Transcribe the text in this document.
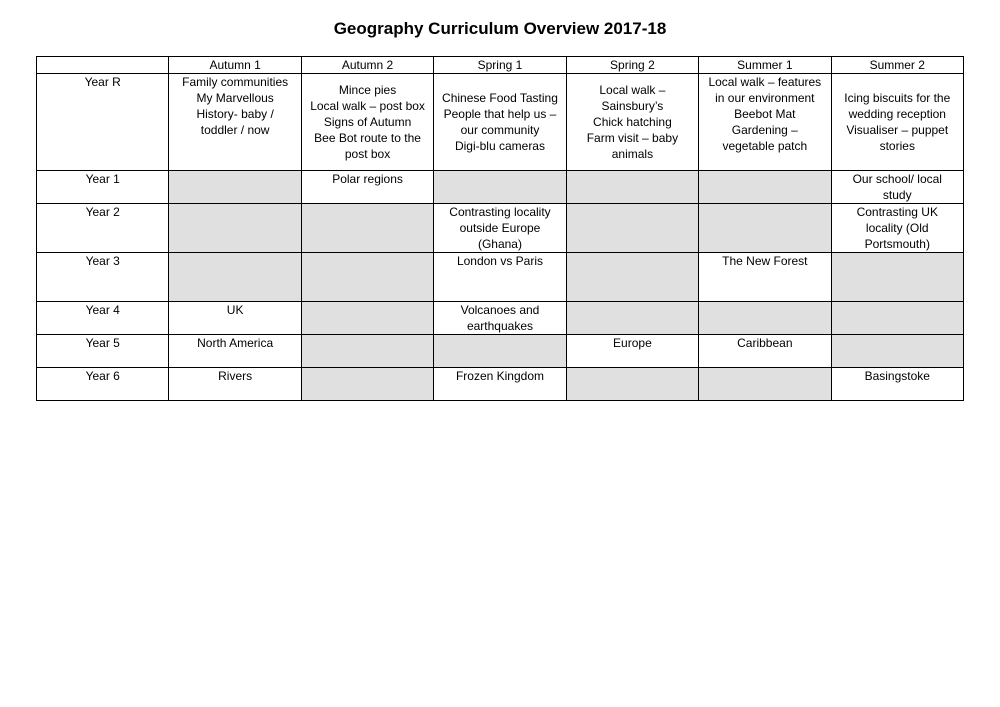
Geography Curriculum Overview 2017-18
	Autumn 1	Autumn 2	Spring 1	Spring 2	Summer 1	Summer 2
Year R	Family communities
My Marvellous
History- baby /
toddler / now	Mince pies
Local walk – post box
Signs of Autumn
Bee Bot route to the
post box	Chinese Food Tasting
People that help us –
our community
Digi-blu cameras	Local walk –
Sainsbury’s
Chick hatching
Farm visit – baby
animals	Local walk – features
in our environment
Beebot Mat
Gardening –
vegetable patch	Icing biscuits for the
wedding reception
Visualiser – puppet
stories

Year 1		Polar regions				Our school/ local
study

Year 2			Contrasting locality
outside Europe
(Ghana)			Contrasting UK
locality (Old
Portsmouth)

Year 3			London vs Paris		The New Forest	

Year 4	UK		Volcanoes and
earthquakes			

Year 5	North America			Europe	Caribbean	

Year 6	Rivers		Frozen Kingdom			Basingstoke
